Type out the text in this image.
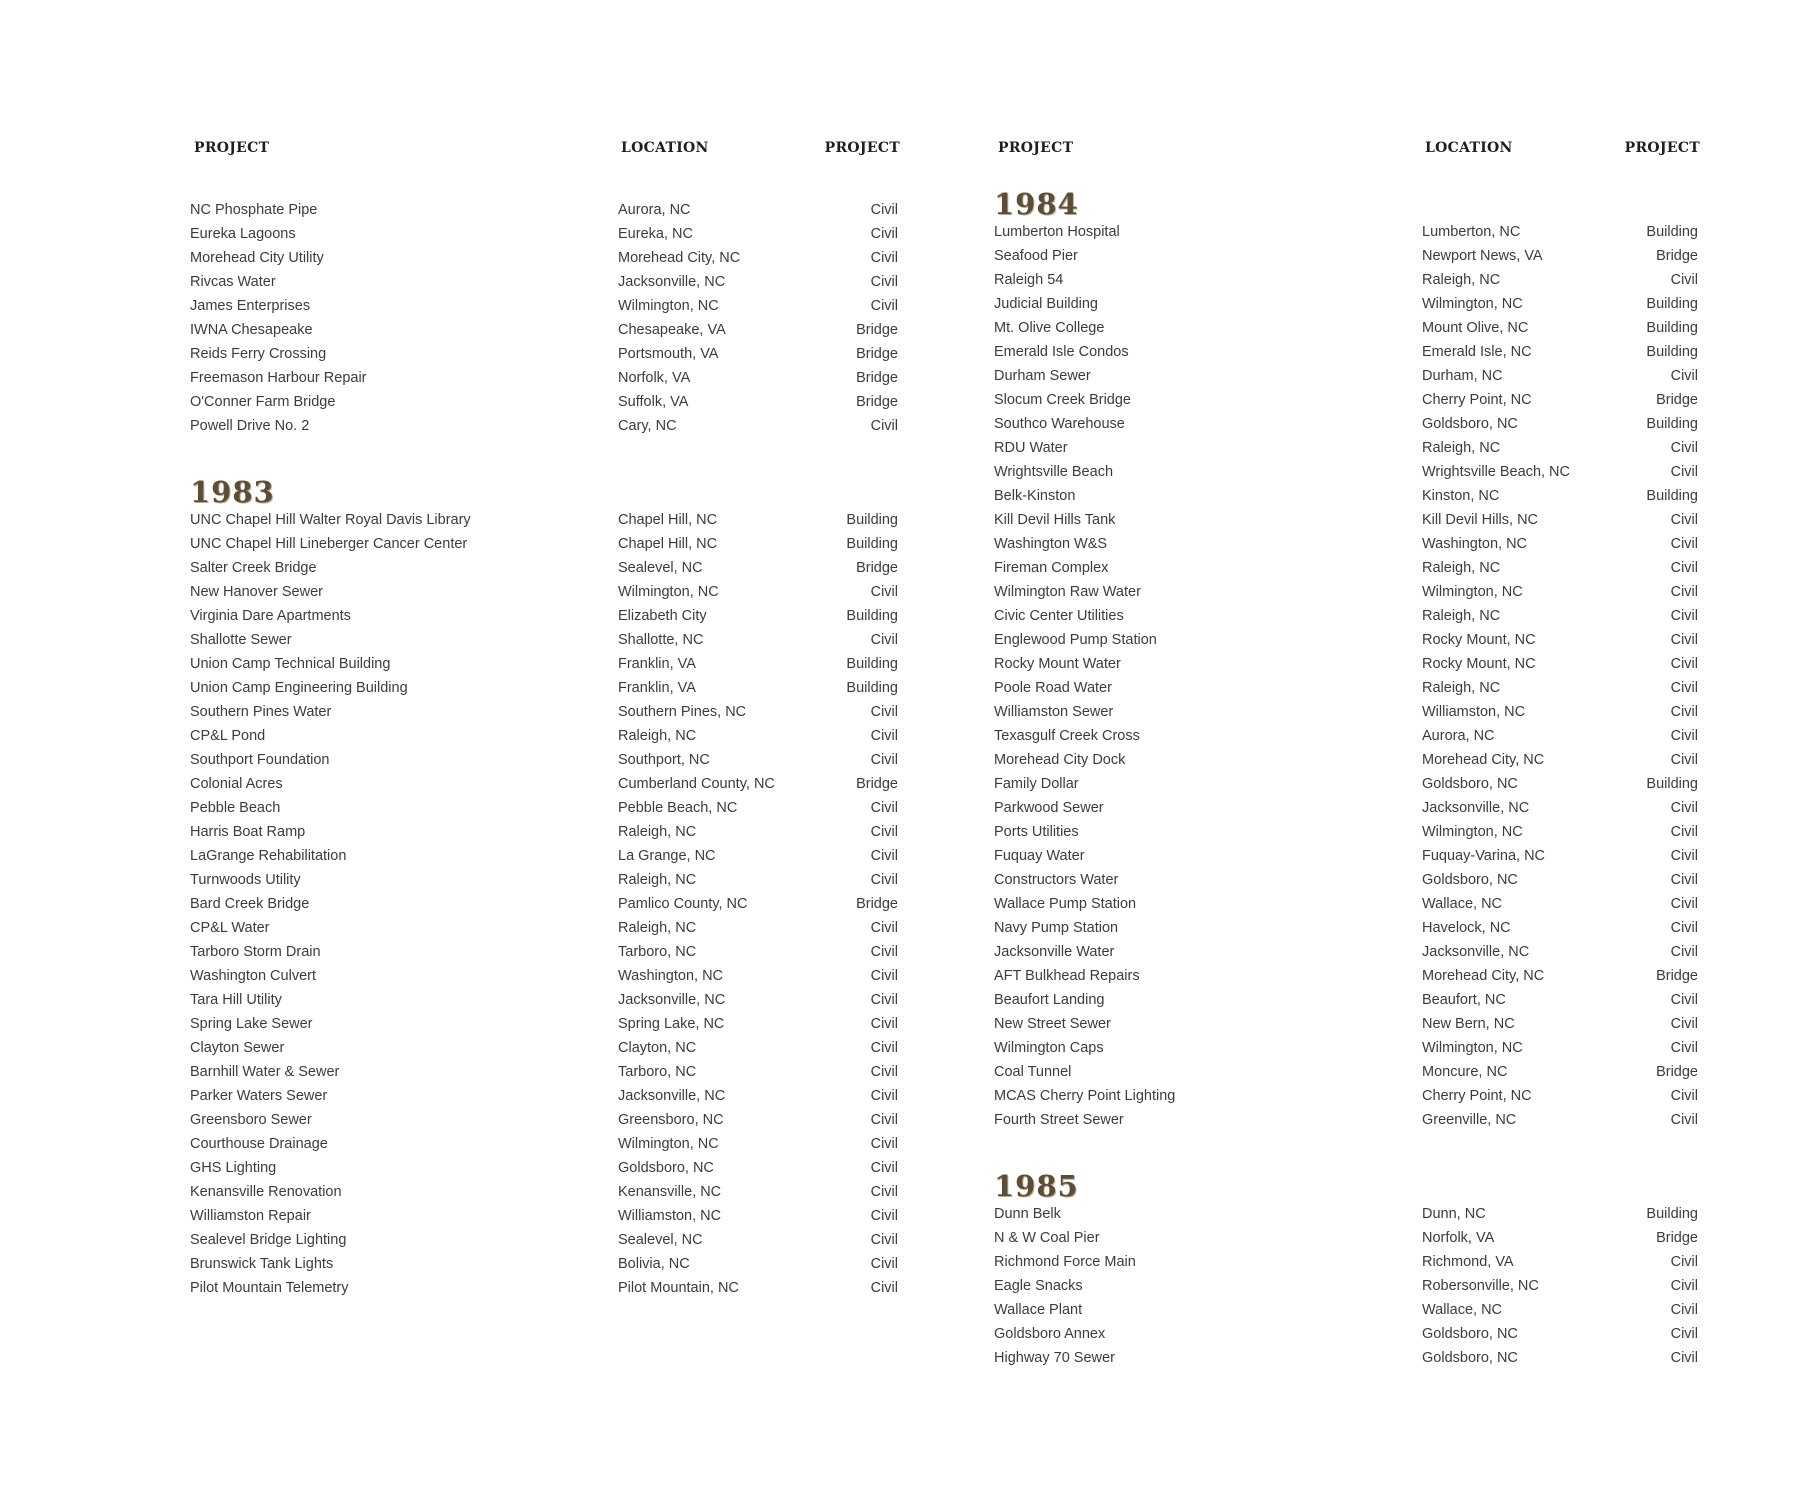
PROJECT	LOCATION	PROJECT
NC Phosphate Pipe	Aurora, NC	Civil
Eureka Lagoons	Eureka, NC	Civil
Morehead City Utility	Morehead City, NC	Civil
Rivcas Water	Jacksonville, NC	Civil
James Enterprises	Wilmington, NC	Civil
IWNA Chesapeake	Chesapeake, VA	Bridge
Reids Ferry Crossing	Portsmouth, VA	Bridge
Freemason Harbour Repair	Norfolk, VA	Bridge
O'Conner Farm Bridge	Suffolk, VA	Bridge
Powell Drive No. 2	Cary, NC	Civil
1983
UNC Chapel Hill Walter Royal Davis Library	Chapel Hill, NC	Building
UNC Chapel Hill Lineberger Cancer Center	Chapel Hill, NC	Building
Salter Creek Bridge	Sealevel, NC	Bridge
New Hanover Sewer	Wilmington, NC	Civil
Virginia Dare Apartments	Elizabeth City	Building
Shallotte Sewer	Shallotte, NC	Civil
Union Camp Technical Building	Franklin, VA	Building
Union Camp Engineering Building	Franklin, VA	Building
Southern Pines Water	Southern Pines, NC	Civil
CP&L Pond	Raleigh, NC	Civil
Southport Foundation	Southport, NC	Civil
Colonial Acres	Cumberland County, NC	Bridge
Pebble Beach	Pebble Beach, NC	Civil
Harris Boat Ramp	Raleigh, NC	Civil
LaGrange Rehabilitation	La Grange, NC	Civil
Turnwoods Utility	Raleigh, NC	Civil
Bard Creek Bridge	Pamlico County, NC	Bridge
CP&L Water	Raleigh, NC	Civil
Tarboro Storm Drain	Tarboro, NC	Civil
Washington Culvert	Washington, NC	Civil
Tara Hill Utility	Jacksonville, NC	Civil
Spring Lake Sewer	Spring Lake, NC	Civil
Clayton Sewer	Clayton, NC	Civil
Barnhill Water & Sewer	Tarboro, NC	Civil
Parker Waters Sewer	Jacksonville, NC	Civil
Greensboro Sewer	Greensboro, NC	Civil
Courthouse Drainage	Wilmington, NC	Civil
GHS Lighting	Goldsboro, NC	Civil
Kenansville Renovation	Kenansville, NC	Civil
Williamston Repair	Williamston, NC	Civil
Sealevel Bridge Lighting	Sealevel, NC	Civil
Brunswick Tank Lights	Bolivia, NC	Civil
Pilot Mountain Telemetry	Pilot Mountain, NC	Civil
PROJECT	LOCATION	PROJECT
1984
Lumberton Hospital	Lumberton, NC	Building
Seafood Pier	Newport News, VA	Bridge
Raleigh 54	Raleigh, NC	Civil
Judicial Building	Wilmington, NC	Building
Mt. Olive College	Mount Olive, NC	Building
Emerald Isle Condos	Emerald Isle, NC	Building
Durham Sewer	Durham, NC	Civil
Slocum Creek Bridge	Cherry Point, NC	Bridge
Southco Warehouse	Goldsboro, NC	Building
RDU Water	Raleigh, NC	Civil
Wrightsville Beach	Wrightsville Beach, NC	Civil
Belk-Kinston	Kinston, NC	Building
Kill Devil Hills Tank	Kill Devil Hills, NC	Civil
Washington W&S	Washington, NC	Civil
Fireman Complex	Raleigh, NC	Civil
Wilmington Raw Water	Wilmington, NC	Civil
Civic Center Utilities	Raleigh, NC	Civil
Englewood Pump Station	Rocky Mount, NC	Civil
Rocky Mount Water	Rocky Mount, NC	Civil
Poole Road Water	Raleigh, NC	Civil
Williamston Sewer	Williamston, NC	Civil
Texasgulf Creek Cross	Aurora, NC	Civil
Morehead City Dock	Morehead City, NC	Civil
Family Dollar	Goldsboro, NC	Building
Parkwood Sewer	Jacksonville, NC	Civil
Ports Utilities	Wilmington, NC	Civil
Fuquay Water	Fuquay-Varina, NC	Civil
Constructors Water	Goldsboro, NC	Civil
Wallace Pump Station	Wallace, NC	Civil
Navy Pump Station	Havelock, NC	Civil
Jacksonville Water	Jacksonville, NC	Civil
AFT Bulkhead Repairs	Morehead City, NC	Bridge
Beaufort Landing	Beaufort, NC	Civil
New Street Sewer	New Bern, NC	Civil
Wilmington Caps	Wilmington, NC	Civil
Coal Tunnel	Moncure, NC	Bridge
MCAS Cherry Point Lighting	Cherry Point, NC	Civil
Fourth Street Sewer	Greenville, NC	Civil
1985
Dunn Belk	Dunn, NC	Building
N & W Coal Pier	Norfolk, VA	Bridge
Richmond Force Main	Richmond, VA	Civil
Eagle Snacks	Robersonville, NC	Civil
Wallace Plant	Wallace, NC	Civil
Goldsboro Annex	Goldsboro, NC	Civil
Highway 70 Sewer	Goldsboro, NC	Civil
